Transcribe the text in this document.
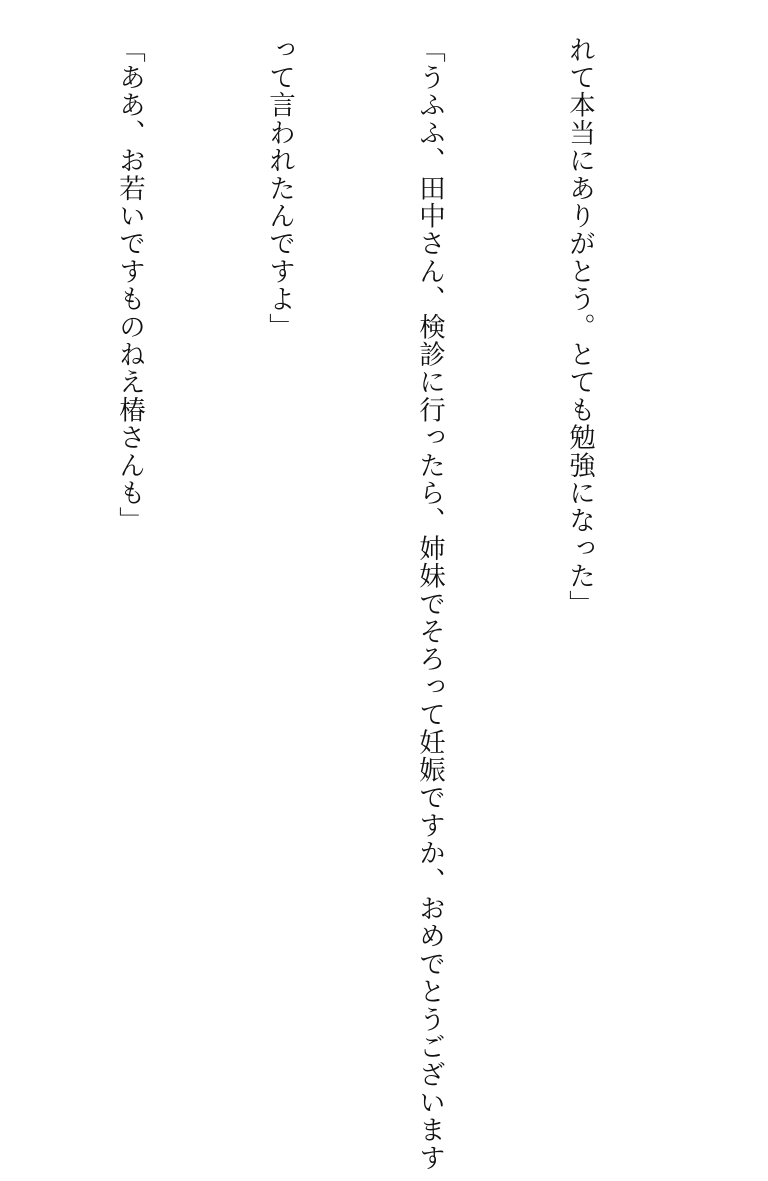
れて本当にありがとう。とても勉強になった」

「うふふ、田中さん、検診に行ったら、姉妹でそろって妊娠ですか、おめでとうございます

って言われたんですよ」

「ああ、お若いですものねえ椿さんも」
